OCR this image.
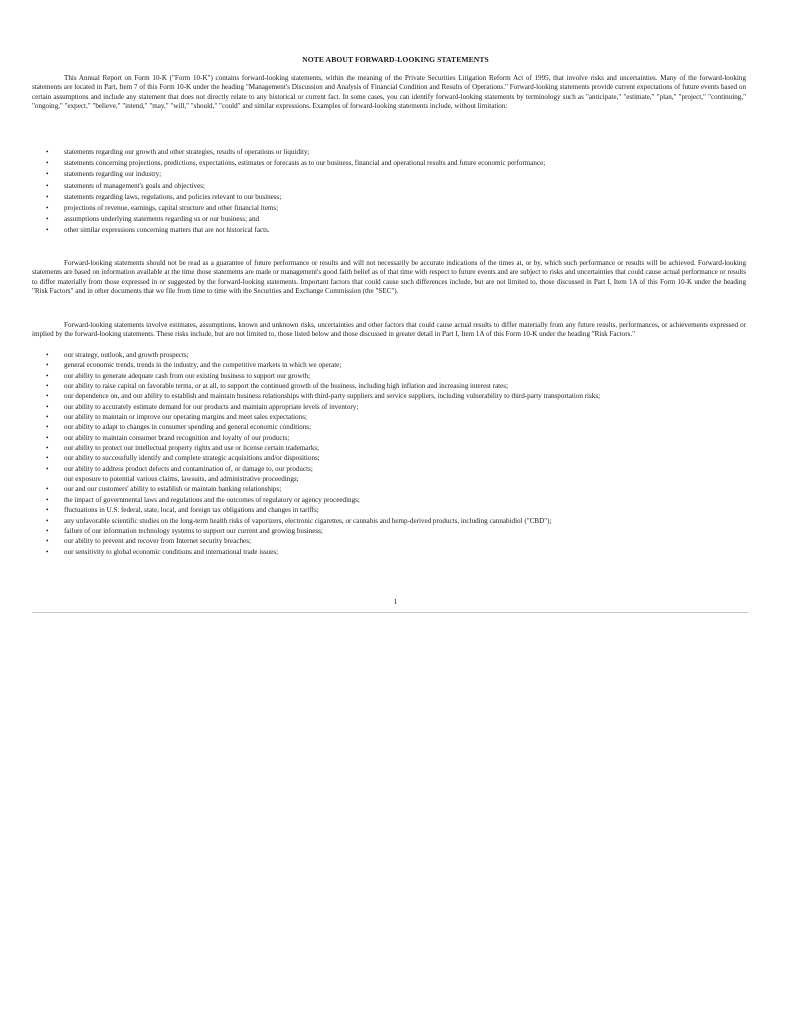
NOTE ABOUT FORWARD-LOOKING STATEMENTS

This Annual Report on Form 10-K ("Form 10-K") contains forward-looking statements, within the meaning of the Private Securities Litigation Reform Act of 1995, that involve risks and uncertainties. Many of the forward-looking statements are located in Part, Item 7 of this Form 10-K under the heading "Management's Discussion and Analysis of Financial Condition and Results of Operations." Forward-looking statements provide current expectations of future events based on certain assumptions and include any statement that does not directly relate to any historical or current fact. In some cases, you can identify forward-looking statements by terminology such as "anticipate," "estimate," "plan," "project," "continuing," "ongoing," "expect," "believe," "intend," "may," "will," "should," "could" and similar expressions. Examples of forward-looking statements include, without limitation:

• statements regarding our growth and other strategies, results of operations or liquidity;
• statements concerning projections, predictions, expectations, estimates or forecasts as to our business, financial and operational results and future economic performance;
• statements regarding our industry;
• statements of management's goals and objectives;
• statements regarding laws, regulations, and policies relevant to our business;
• projections of revenue, earnings, capital structure and other financial items;
• assumptions underlying statements regarding us or our business; and
• other similar expressions concerning matters that are not historical facts.

Forward-looking statements should not be read as a guarantee of future performance or results and will not necessarily be accurate indications of the times at, or by, which such performance or results will be achieved. Forward-looking statements are based on information available at the time those statements are made or management's good faith belief as of that time with respect to future events and are subject to risks and uncertainties that could cause actual performance or results to differ materially from those expressed in or suggested by the forward-looking statements. Important factors that could cause such differences include, but are not limited to, those discussed in Part I, Item 1A of this Form 10-K under the heading "Risk Factors" and in other documents that we file from time to time with the Securities and Exchange Commission (the "SEC").

Forward-looking statements involve estimates, assumptions, known and unknown risks, uncertainties and other factors that could cause actual results to differ materially from any future results, performances, or achievements expressed or implied by the forward-looking statements. These risks include, but are not limited to, those listed below and those discussed in greater detail in Part I, Item 1A of this Form 10-K under the heading "Risk Factors."

• our strategy, outlook, and growth prospects;
• general economic trends, trends in the industry, and the competitive markets in which we operate;
• our ability to generate adequate cash from our existing business to support our growth;
• our ability to raise capital on favorable terms, or at all, to support the continued growth of the business, including high inflation and increasing interest rates;
• our dependence on, and our ability to establish and maintain business relationships with third-party suppliers and service suppliers, including vulnerability to third-party transportation risks;
• our ability to accurately estimate demand for our products and maintain appropriate levels of inventory;
• our ability to maintain or improve our operating margins and meet sales expectations;
• our ability to adapt to changes in consumer spending and general economic conditions;
• our ability to maintain consumer brand recognition and loyalty of our products;
• our ability to protect our intellectual property rights and use or license certain trademarks;
• our ability to successfully identify and complete strategic acquisitions and/or dispositions;
• our ability to address product defects and contamination of, or damage to, our products;
our exposure to potential various claims, lawsuits, and administrative proceedings;
• our and our customers' ability to establish or maintain banking relationships;
• the impact of governmental laws and regulations and the outcomes of regulatory or agency proceedings;
• fluctuations in U.S. federal, state, local, and foreign tax obligations and changes in tariffs;
• any unfavorable scientific studies on the long-term health risks of vaporizers, electronic cigarettes, or cannabis and hemp-derived products, including cannabidiol ("CBD");
• failure of our information technology systems to support our current and growing business;
• our ability to prevent and recover from Internet security breaches;
• our sensitivity to global economic conditions and international trade issues;
1
